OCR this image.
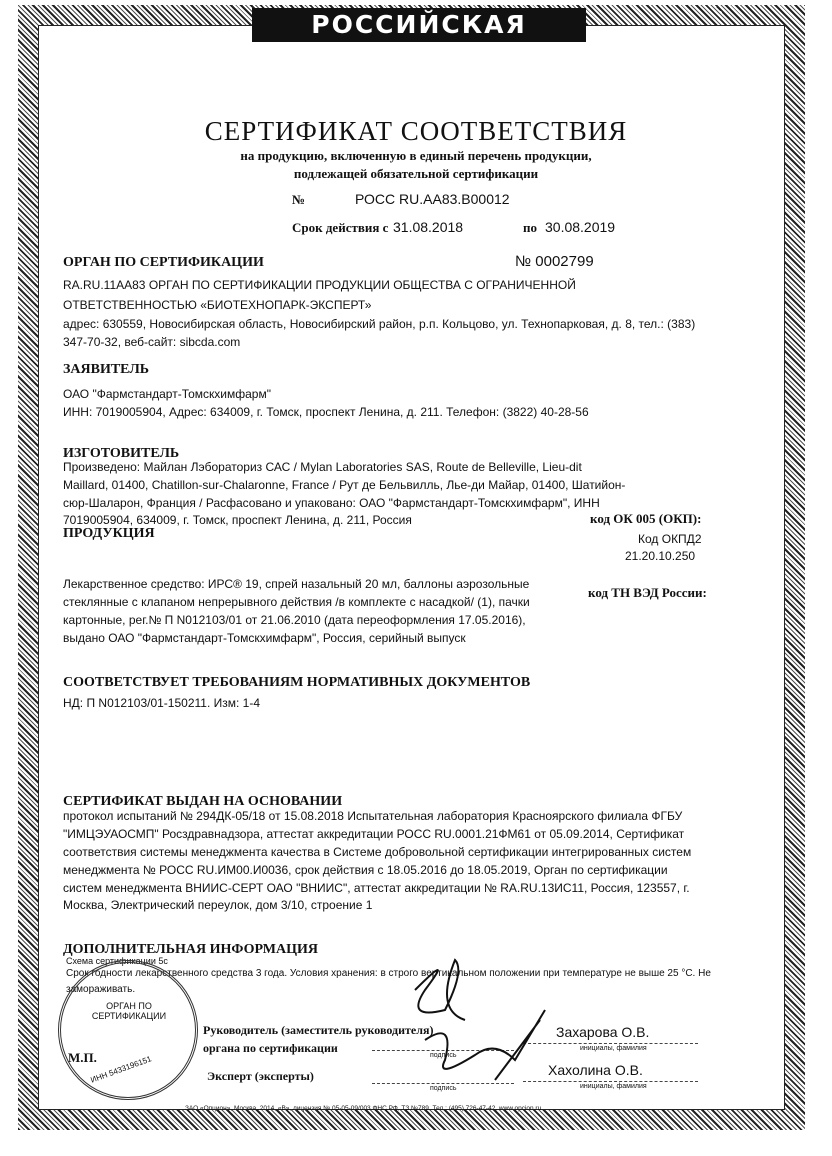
РОССИЙСКАЯ ФЕДЕРАЦИЯ
СЕРТИФИКАТ СООТВЕТСТВИЯ
на продукцию, включенную в единый перечень продукции,
подлежащей обязательной сертификации
№	РОСС RU.AA83.B00012
Срок действия с 31.08.2018	по 30.08.2019
ОРГАН ПО СЕРТИФИКАЦИИ	№ 0002799
RA.RU.11AA83 ОРГАН ПО СЕРТИФИКАЦИИ ПРОДУКЦИИ ОБЩЕСТВА С ОГРАНИЧЕННОЙ
ОТВЕТСТВЕННОСТЬЮ «БИОТЕХНОПАРК-ЭКСПЕРТ»
адрес: 630559, Новосибирская область, Новосибирский район, р.п. Кольцово, ул. Технопарковая, д. 8, тел.: (383)
347-70-32, веб-сайт: sibcda.com
ЗАЯВИТЕЛЬ
ОАО "Фармстандарт-Томскхимфарм"
ИНН: 7019005904, Адрес: 634009, г. Томск, проспект Ленина, д. 211. Телефон: (3822) 40-28-56
ИЗГОТОВИТЕЛЬ
Произведено: Майлан Лэбораториз САС / Mylan Laboratories SAS, Route de Belleville, Lieu-dit
Maillard, 01400, Chatillon-sur-Chalaronne, France / Рут де Бельвилль, Лье-ди Майар, 01400, Шатийон-
сюр-Шаларон, Франция / Расфасовано и упаковано: ОАО "Фармстандарт-Томскхимфарм", ИНН
7019005904, 634009, г. Томск, проспект Ленина, д. 211, Россия	код ОК 005 (ОКП):
ПРОДУКЦИЯ	Код ОКПД2
21.20.10.250
Лекарственное средство: ИРС® 19, спрей назальный 20 мл, баллоны аэрозольные
стеклянные с клапаном непрерывного действия /в комплекте с насадкой/ (1), пачки
картонные, рег.№ П N012103/01 от 21.06.2010 (дата переоформления 17.05.2016),
выдано ОАО "Фармстандарт-Томскхимфарм", Россия, серийный выпуск
код ТН ВЭД России:
СООТВЕТСТВУЕТ ТРЕБОВАНИЯМ НОРМАТИВНЫХ ДОКУМЕНТОВ
НД: П N012103/01-150211. Изм: 1-4
СЕРТИФИКАТ ВЫДАН НА ОСНОВАНИИ
протокол испытаний № 294ДК-05/18 от 15.08.2018 Испытательная лаборатория Красноярского филиала ФГБУ
"ИМЦЭУАОСМП" Росздравнадзора, аттестат аккредитации РОСС RU.0001.21ФМ61 от 05.09.2014, Сертификат
соответствия системы менеджмента качества в Системе добровольной сертификации интегрированных систем
менеджмента № РОСС RU.ИМ00.И0036, срок действия с 18.05.2016 до 18.05.2019, Орган по сертификации
систем менеджмента ВНИИС-СЕРТ ОАО "ВНИИС", аттестат аккредитации № RA.RU.13ИС11, Россия, 123557, г.
Москва, Электрический переулок, дом 3/10, строение 1
ДОПОЛНИТЕЛЬНАЯ ИНФОРМАЦИЯ
Схема сертификации 5с
Срок годности лекарственного средства 3 года. Условия хранения: в строго вертикальном положении при температуре не выше 25 °С. Не
замораживать.
ОРГАН ПО СЕРТИФИКАЦИИ
ИНН 5433196151
М.П.
Руководитель (заместитель руководителя)
органа по сертификации
подпись
Захарова О.В.
инициалы, фамилия
Эксперт (эксперты)
подпись
Хахолина О.В.
инициалы, фамилия
ЗАО «Опцион», Москва, 2014, «В», лицензия № 05-05-09/003 ФНС РФ, ТЗ №789. Тел.: (495) 726-47-42, www.opcion.ru
